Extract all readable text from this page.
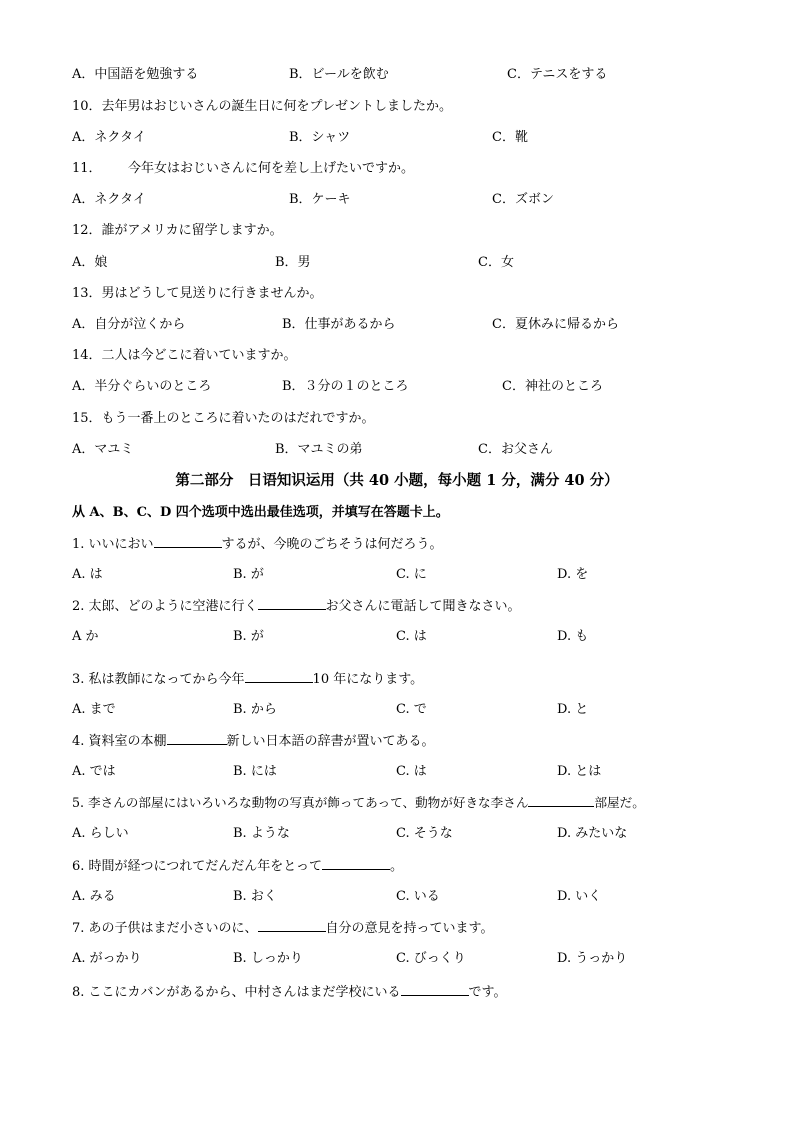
A．中国語を勉強する	B．ビールを飲む	C．テニスをする
10．去年男はおじいさんの誕生日に何をプレゼントしましたか。
A．ネクタイ	B．シャツ	C．靴
11． 今年女はおじいさんに何を差し上げたいですか。
A．ネクタイ	B．ケーキ	C．ズボン
12．誰がアメリカに留学しますか。
A．娘	B．男	C．女
13．男はどうして見送りに行きませんか。
A．自分が泣くから	B．仕事があるから	C．夏休みに帰るから
14．二人は今どこに着いていますか。
A．半分ぐらいのところ	B．３分の１のところ	C．神社のところ
15．もう一番上のところに着いたのはだれですか。
A．マユミ	B．マユミの弟	C．お父さん
第二部分　日语知识运用（共 40 小题，每小题 1 分，满分 40 分）
从 A、B、C、D 四个选项中选出最佳选项，并填写在答题卡上。
1. いいにおい	するが、今晩のごちそうは何だろう。
A. は	B. が	C. に	D. を
2. 太郎、どのように空港に行く	お父さんに電話して聞きなさい。
A か	B. が	C. は	D. も
3. 私は教師になってから今年	10 年になります。
A. まで	B. から	C. で	D. と
4. 資料室の本棚	新しい日本語の辞書が置いてある。
A. では	B. には	C. は	D. とは
5. 李さんの部屋にはいろいろな動物の写真が飾ってあって、動物が好きな李さん	部屋だ。
A. らしい	B. ような	C. そうな	D. みたいな
6. 時間が経つにつれてだんだん年をとって	。
A. みる	B. おく	C. いる	D. いく
7. あの子供はまだ小さいのに、	自分の意見を持っています。
A. がっかり	B. しっかり	C. びっくり	D. うっかり
8. ここにカバンがあるから、中村さんはまだ学校にいる	です。
